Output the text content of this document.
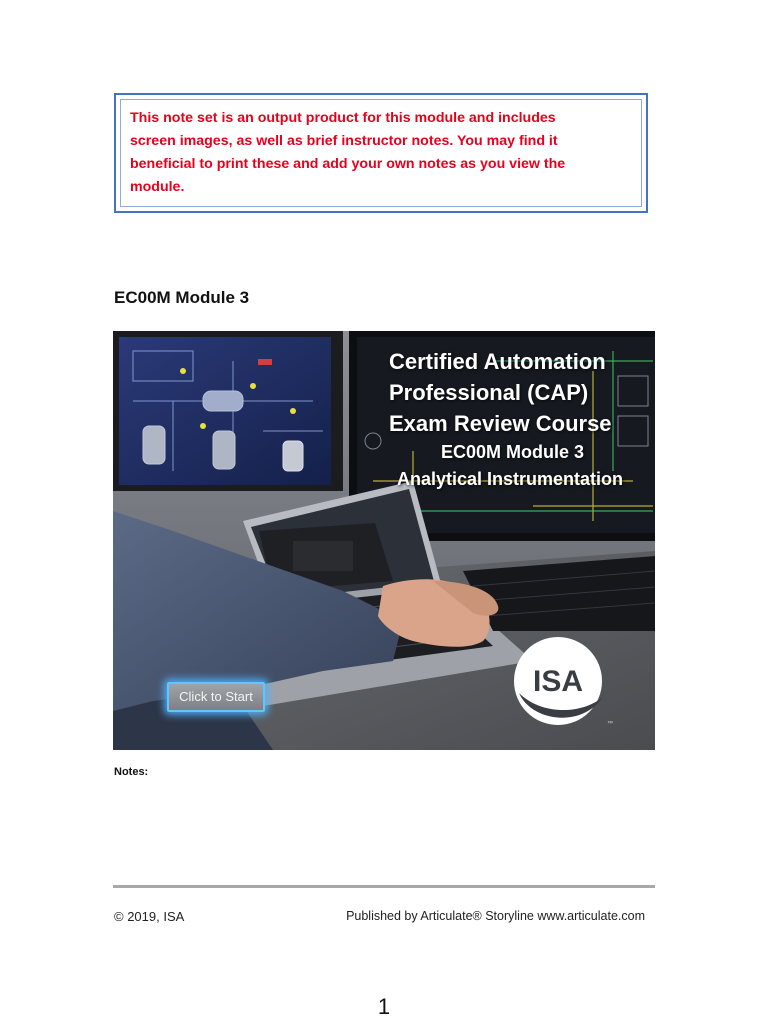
This note set is an output product for this module and includes
screen images, as well as brief instructor notes. You may find it
beneficial to print these and add your own notes as you view the
module.
EC00M Module 3
Certified Automation
Professional (CAP)
Exam Review Course
EC00M Module 3
Analytical Instrumentation
Click to Start	ISA
™
Notes:
© 2019, ISA	Published by Articulate® Storyline www.articulate.com
1
